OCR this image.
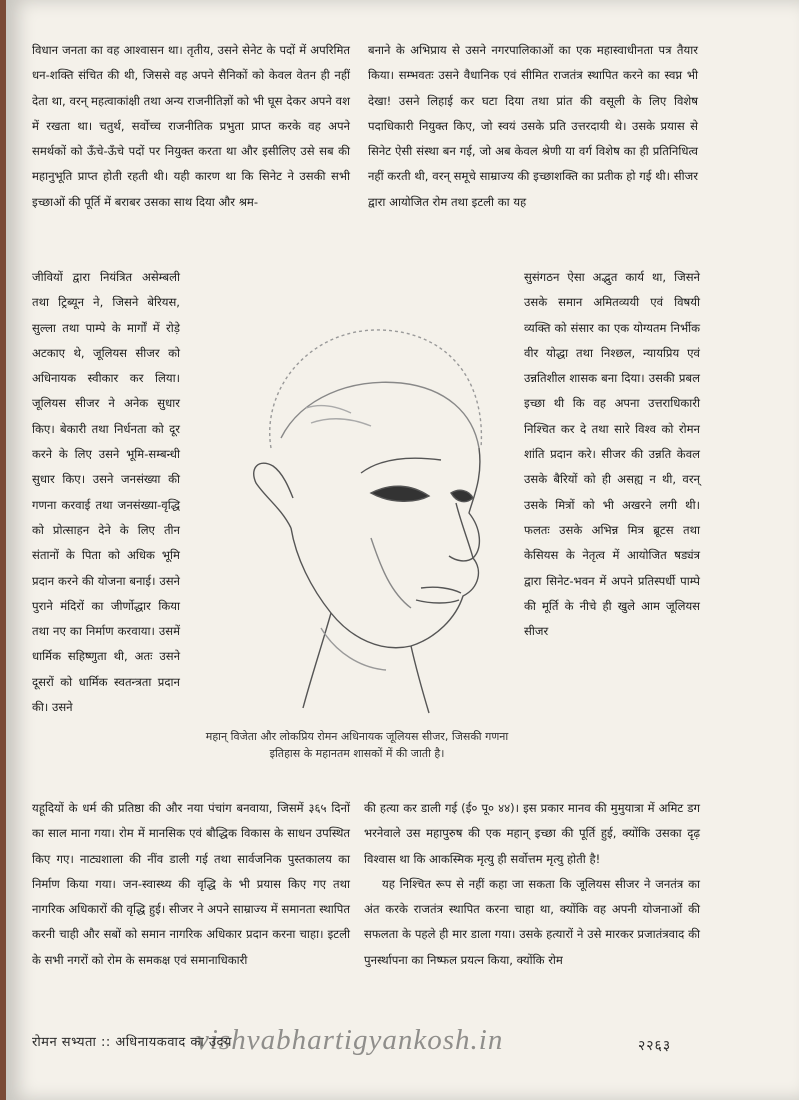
विधान जनता का वह आश्वासन था। तृतीय, उसने सेनेट के पदों में अपरिमित धन-शक्ति संचित की थी, जिससे वह अपने सैनिकों को केवल वेतन ही नहीं देता था, वरन् महत्वाकांक्षी तथा अन्य राजनीतिज्ञों को भी घूस देकर अपने वश में रखता था। चतुर्थ, सर्वोच्च राजनीतिक प्रभुता प्राप्त करके वह अपने समर्थकों को ऊँचे-ऊँचे पदों पर नियुक्त करता था और इसीलिए उसे सब की महानुभूति प्राप्त होती रहती थी। यही कारण था कि सिनेट ने उसकी सभी इच्छाओं की पूर्ति में बराबर उसका साथ दिया और श्रम-

बनाने के अभिप्राय से उसने नगरपालिकाओं का एक महास्वाधीनता पत्र तैयार किया। सम्भवतः उसने वैधानिक एवं सीमित राजतंत्र स्थापित करने का स्वप्न भी देखा! उसने लिहाई कर घटा दिया तथा प्रांत की वसूली के लिए विशेष पदाधिकारी नियुक्त किए, जो स्वयं उसके प्रति उत्तरदायी थे। उसके प्रयास से सिनेट ऐसी संस्था बन गई, जो अब केवल श्रेणी या वर्ग विशेष का ही प्रतिनिधित्व नहीं करती थी, वरन् समूचे साम्राज्य की इच्छाशक्ति का प्रतीक हो गई थी। सीजर द्वारा आयोजित रोम तथा इटली का यह

जीवियों द्वारा नियंत्रित असेम्बली तथा ट्रिब्यून ने, जिसने बेरियस, सुल्ला तथा पाम्पे के मार्गों में रोड़े अटकाए थे, जूलियस सीजर को अधिनायक स्वीकार कर लिया। जूलियस सीजर ने अनेक सुधार किए। बेकारी तथा निर्धनता को दूर करने के लिए उसने भूमि-सम्बन्धी सुधार किए। उसने जनसंख्या की गणना करवाई तथा जनसंख्या-वृद्धि को प्रोत्साहन देने के लिए तीन संतानों के पिता को अधिक भूमि प्रदान करने की योजना बनाई। उसने पुराने मंदिरों का जीर्णोद्धार किया तथा नए का निर्माण करवाया। उसमें धार्मिक सहिष्णुता थी, अतः उसने दूसरों को धार्मिक स्वतन्त्रता प्रदान की। उसने

सुसंगठन ऐसा अद्भुत कार्य था, जिसने उसके समान अमितव्ययी एवं विषयी व्यक्ति को संसार का एक योग्यतम निर्भीक वीर योद्धा तथा निश्छल, न्यायप्रिय एवं उन्नतिशील शासक बना दिया। उसकी प्रबल इच्छा थी कि वह अपना उत्तराधिकारी निश्चित कर दे तथा सारे विश्व को रोमन शांति प्रदान करे। सीजर की उन्नति केवल उसके बैरियों को ही असह्य न थी, वरन् उसके मित्रों को भी अखरने लगी थी। फलतः उसके अभिन्न मित्र ब्रूटस तथा केसियस के नेतृत्व में आयोजित षड्यंत्र द्वारा सिनेट-भवन में अपने प्रतिस्पर्धी पाम्पे की मूर्ति के नीचे ही खुले आम जूलियस सीजर

महान् विजेता और लोकप्रिय रोमन अधिनायक जूलियस सीजर, जिसकी गणना इतिहास के महानतम शासकों में की जाती है।

यहूदियों के धर्म की प्रतिष्ठा की और नया पंचांग बनवाया, जिसमें ३६५ दिनों का साल माना गया। रोम में मानसिक एवं बौद्धिक विकास के साधन उपस्थित किए गए। नाट्यशाला की नींव डाली गई तथा सार्वजनिक पुस्तकालय का निर्माण किया गया। जन-स्वास्थ्य की वृद्धि के भी प्रयास किए गए तथा नागरिक अधिकारों की वृद्धि हुई। सीजर ने अपने साम्राज्य में समानता स्थापित करनी चाही और सबों को समान नागरिक अधिकार प्रदान करना चाहा। इटली के सभी नगरों को रोम के समकक्ष एवं समानाधिकारी

की हत्या कर डाली गई (ई० पू० ४४)। इस प्रकार मानव की मुमुयात्रा में अमिट डग भरनेवाले उस महापुरुष की एक महान् इच्छा की पूर्ति हुई, क्योंकि उसका दृढ़ विश्वास था कि आकस्मिक मृत्यु ही सर्वोत्तम मृत्यु होती है!
यह निश्चित रूप से नहीं कहा जा सकता कि जूलियस सीजर ने जनतंत्र का अंत करके राजतंत्र स्थापित करना चाहा था, क्योंकि वह अपनी योजनाओं की सफलता के पहले ही मार डाला गया। उसके हत्यारों ने उसे मारकर प्रजातंत्रवाद की पुनर्स्थापना का निष्फल प्रयत्न किया, क्योंकि रोम
रोमन सभ्यता :: अधिनायकवाद का उदय
vishvabhartigyankosh.in	२२६३
